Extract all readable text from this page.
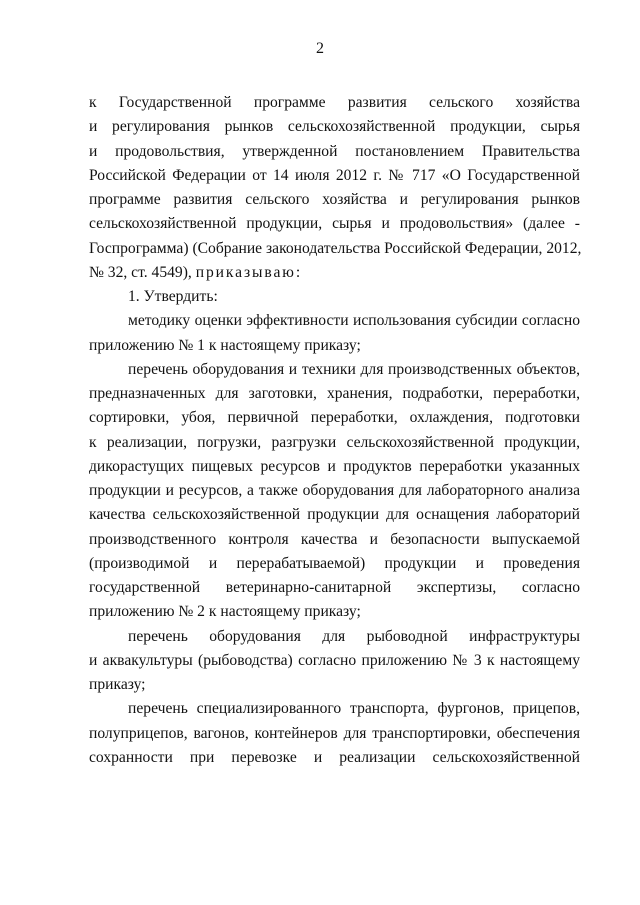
2
к Государственной программе развития сельского хозяйства
и регулирования рынков сельскохозяйственной продукции, сырья
и продовольствия, утвержденной постановлением Правительства
Российской Федерации от 14 июля 2012 г. № 717 «О Государственной
программе развития сельского хозяйства и регулирования рынков
сельскохозяйственной продукции, сырья и продовольствия» (далее -
Госпрограмма) (Собрание законодательства Российской Федерации, 2012,
№ 32, ст. 4549), приказываю:
1. Утвердить:
методику оценки эффективности использования субсидии согласно
приложению № 1 к настоящему приказу;
перечень оборудования и техники для производственных объектов,
предназначенных для заготовки, хранения, подработки, переработки,
сортировки, убоя, первичной переработки, охлаждения, подготовки
к реализации, погрузки, разгрузки сельскохозяйственной продукции,
дикорастущих пищевых ресурсов и продуктов переработки указанных
продукции и ресурсов, а также оборудования для лабораторного анализа
качества сельскохозяйственной продукции для оснащения лабораторий
производственного контроля качества и безопасности выпускаемой
(производимой и перерабатываемой) продукции и проведения
государственной ветеринарно-санитарной экспертизы, согласно
приложению № 2 к настоящему приказу;
перечень оборудования для рыбоводной инфраструктуры
и аквакультуры (рыбоводства) согласно приложению № 3 к настоящему
приказу;
перечень специализированного транспорта, фургонов, прицепов,
полуприцепов, вагонов, контейнеров для транспортировки, обеспечения
сохранности при перевозке и реализации сельскохозяйственной
